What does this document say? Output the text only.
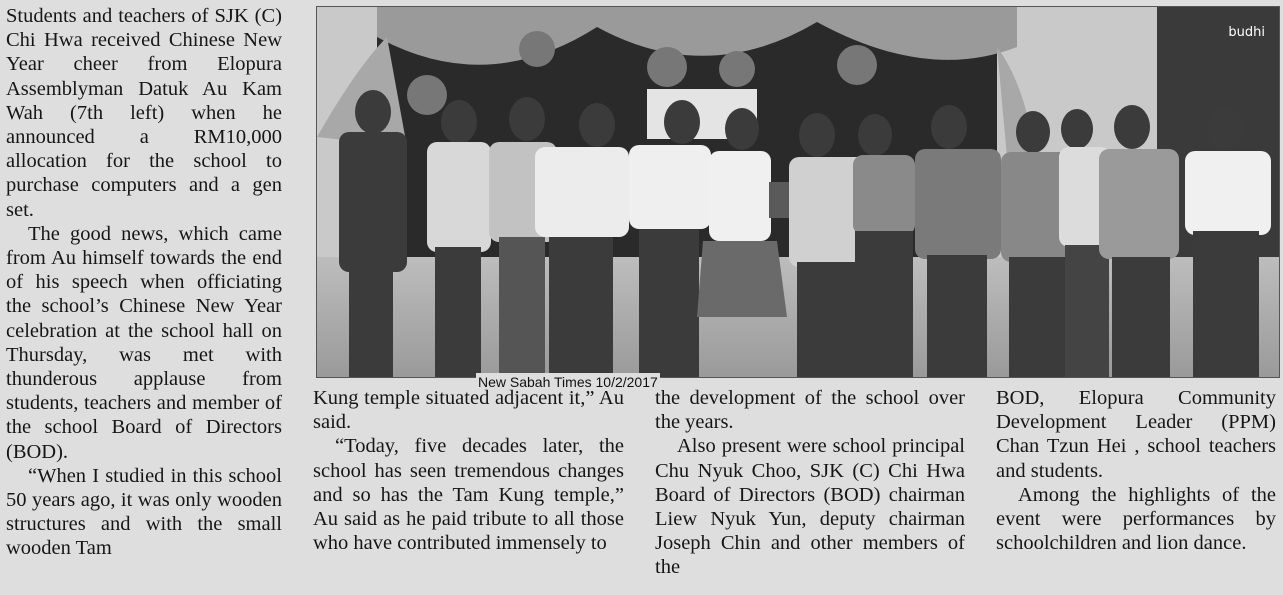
Students and teachers of SJK (C) Chi Hwa received Chinese New Year cheer from Elopura Assemblyman Datuk Au Kam Wah (7th left) when he announced a RM10,000 allocation for the school to purchase computers and a gen set.

The good news, which came from Au himself towards the end of his speech when officiating the school’s Chinese New Year celebration at the school hall on Thursday, was met with thunderous applause from students, teachers and member of the school Board of Directors (BOD).

“When I studied in this school 50 years ago, it was only wooden structures and with the small wooden Tam

budhi
New Sabah Times 10/2/2017

Kung temple situated adjacent it,” Au said.

“Today, five decades later, the school has seen tremendous changes and so has the Tam Kung temple,” Au said as he paid tribute to all those who have contributed immensely to

the development of the school over the years.

Also present were school principal Chu Nyuk Choo, SJK (C) Chi Hwa Board of Directors (BOD) chairman Liew Nyuk Yun, deputy chairman Joseph Chin and other members of the

BOD, Elopura Community Development Leader (PPM) Chan Tzun Hei , school teachers and students.

Among the highlights of the event were performances by schoolchildren and lion dance.
